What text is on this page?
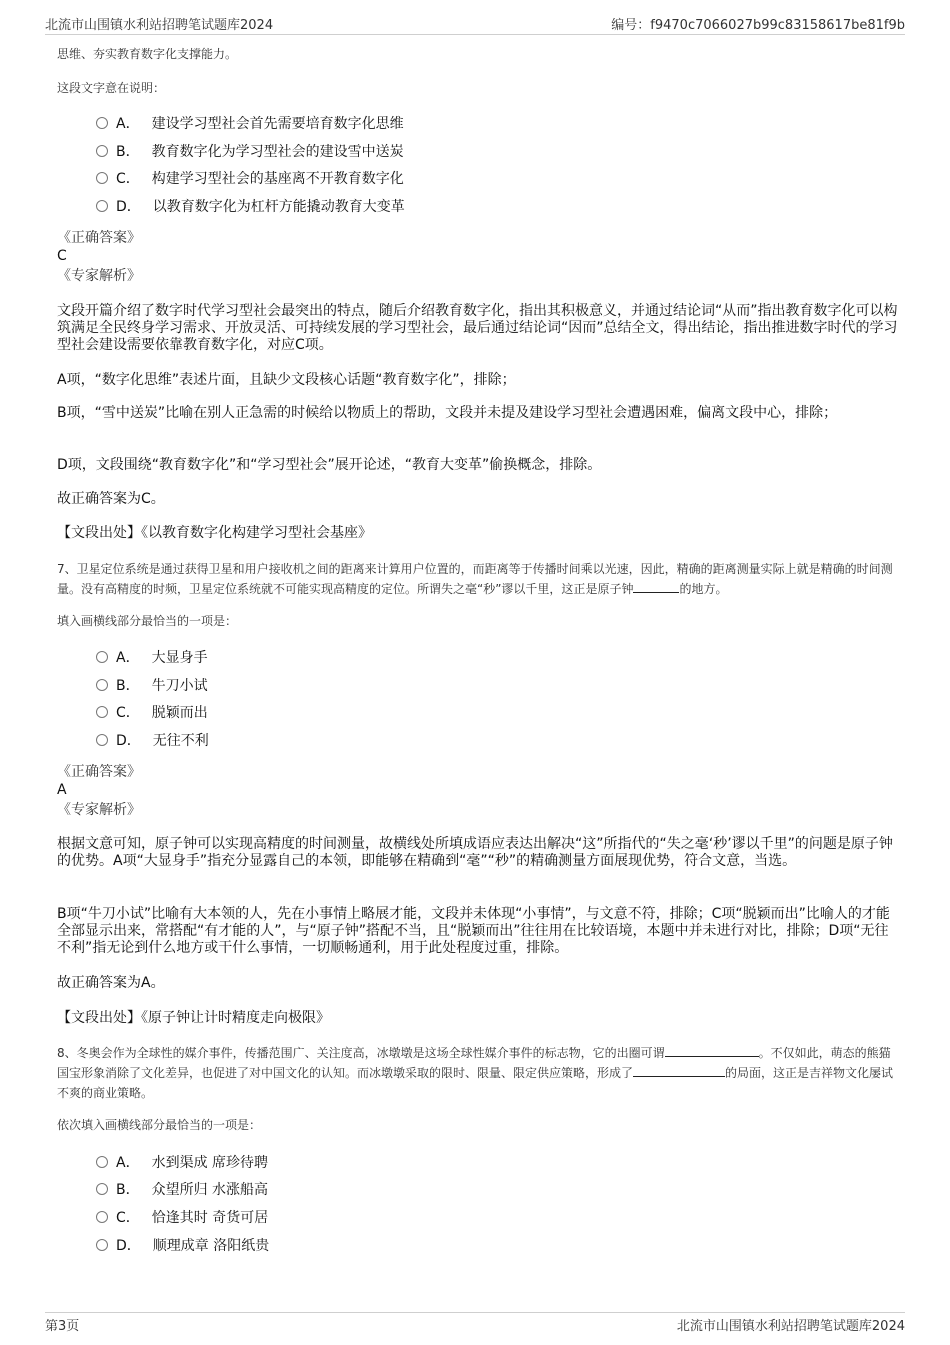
北流市山围镇水利站招聘笔试题库2024	编号：f9470c7066027b99c83158617be81f9b
思维、夯实教育数字化支撑能力。
这段文字意在说明：
A． 建设学习型社会首先需要培育数字化思维
B． 教育数字化为学习型社会的建设雪中送炭
C． 构建学习型社会的基座离不开教育数字化
D． 以教育数字化为杠杆方能撬动教育大变革
《正确答案》
C
《专家解析》
文段开篇介绍了数字时代学习型社会最突出的特点，随后介绍教育数字化，指出其积极意义，并通过结论词“从而”指出教育数字化可以构筑满足全民终身学习需求、开放灵活、可持续发展的学习型社会，最后通过结论词“因而”总结全文，得出结论，指出推进数字时代的学习型社会建设需要依靠教育数字化，对应C项。
A项，“数字化思维”表述片面，且缺少文段核心话题“教育数字化”，排除；
B项，“雪中送炭”比喻在别人正急需的时候给以物质上的帮助，文段并未提及建设学习型社会遭遇困难，偏离文段中心，排除；
D项，文段围绕“教育数字化”和“学习型社会”展开论述，“教育大变革”偷换概念，排除。
故正确答案为C。
【文段出处】《以教育数字化构建学习型社会基座》
7、卫星定位系统是通过获得卫星和用户接收机之间的距离来计算用户位置的，而距离等于传播时间乘以光速，因此，精确的距离测量实际上就是精确的时间测量。没有高精度的时频，卫星定位系统就不可能实现高精度的定位。所谓失之毫“秒”谬以千里，这正是原子钟	的地方。
填入画横线部分最恰当的一项是：
A． 大显身手
B． 牛刀小试
C． 脱颖而出
D． 无往不利
《正确答案》
A
《专家解析》
根据文意可知，原子钟可以实现高精度的时间测量，故横线处所填成语应表达出解决“这”所指代的“失之毫‘秒’谬以千里”的问题是原子钟的优势。A项“大显身手”指充分显露自己的本领，即能够在精确到“毫”“秒”的精确测量方面展现优势，符合文意，当选。
B项“牛刀小试”比喻有大本领的人，先在小事情上略展才能，文段并未体现“小事情”，与文意不符，排除；C项“脱颖而出”比喻人的才能全部显示出来，常搭配“有才能的人”，与“原子钟”搭配不当，且“脱颖而出”往往用在比较语境，本题中并未进行对比，排除；D项“无往不利”指无论到什么地方或干什么事情，一切顺畅通利，用于此处程度过重，排除。
故正确答案为A。
【文段出处】《原子钟让计时精度走向极限》
8、冬奥会作为全球性的媒介事件，传播范围广、关注度高，冰墩墩是这场全球性媒介事件的标志物，它的出圈可谓	。不仅如此，萌态的熊猫国宝形象消除了文化差异，也促进了对中国文化的认知。而冰墩墩采取的限时、限量、限定供应策略，形成了	的局面，这正是吉祥物文化屡试不爽的商业策略。
依次填入画横线部分最恰当的一项是：
A． 水到渠成 席珍待聘
B． 众望所归 水涨船高
C． 恰逢其时 奇货可居
D． 顺理成章 洛阳纸贵
第3页	北流市山围镇水利站招聘笔试题库2024
